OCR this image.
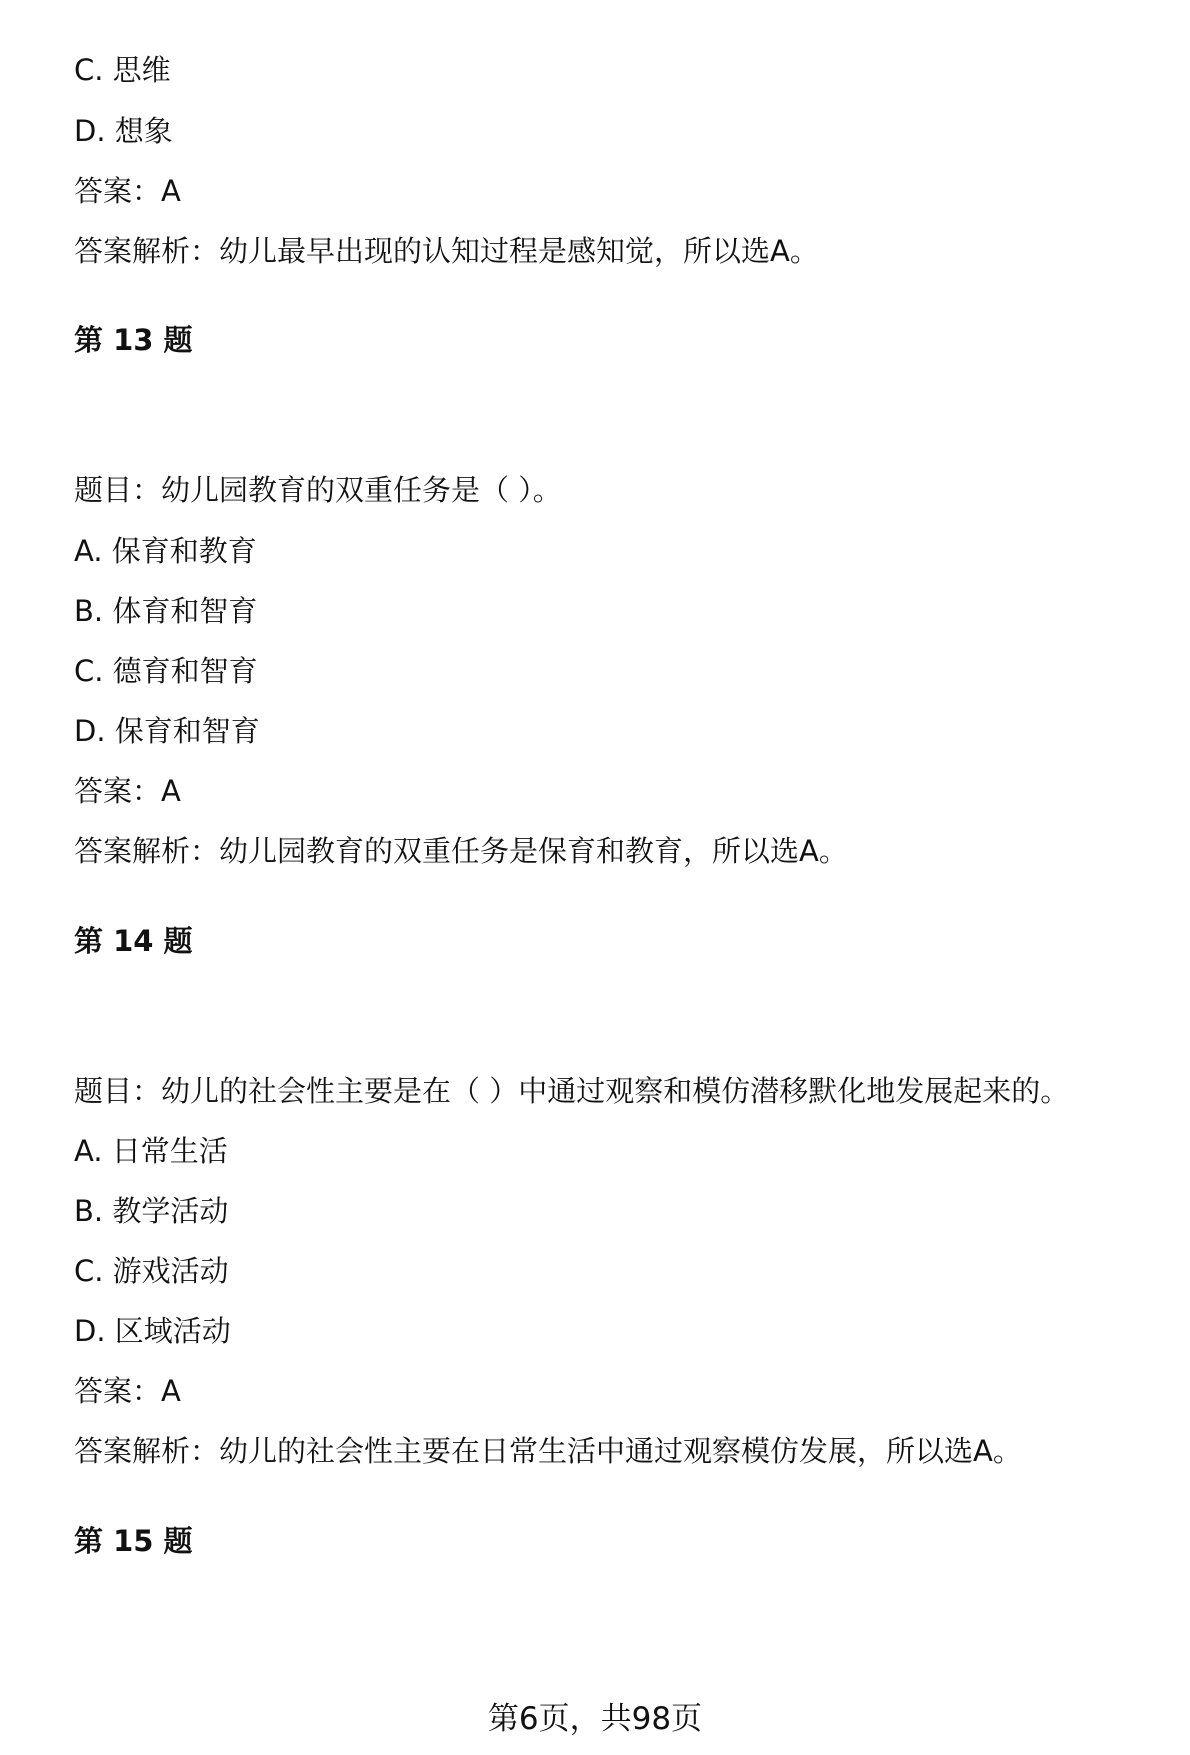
C. 思维
D. 想象
答案：A
答案解析：幼儿最早出现的认知过程是感知觉，所以选A。
第 13 题
题目：幼儿园教育的双重任务是（ ）。
A. 保育和教育
B. 体育和智育
C. 德育和智育
D. 保育和智育
答案：A
答案解析：幼儿园教育的双重任务是保育和教育，所以选A。
第 14 题
题目：幼儿的社会性主要是在（ ）中通过观察和模仿潜移默化地发展起来的。
A. 日常生活
B. 教学活动
C. 游戏活动
D. 区域活动
答案：A
答案解析：幼儿的社会性主要在日常生活中通过观察模仿发展，所以选A。
第 15 题
第6页，共98页
